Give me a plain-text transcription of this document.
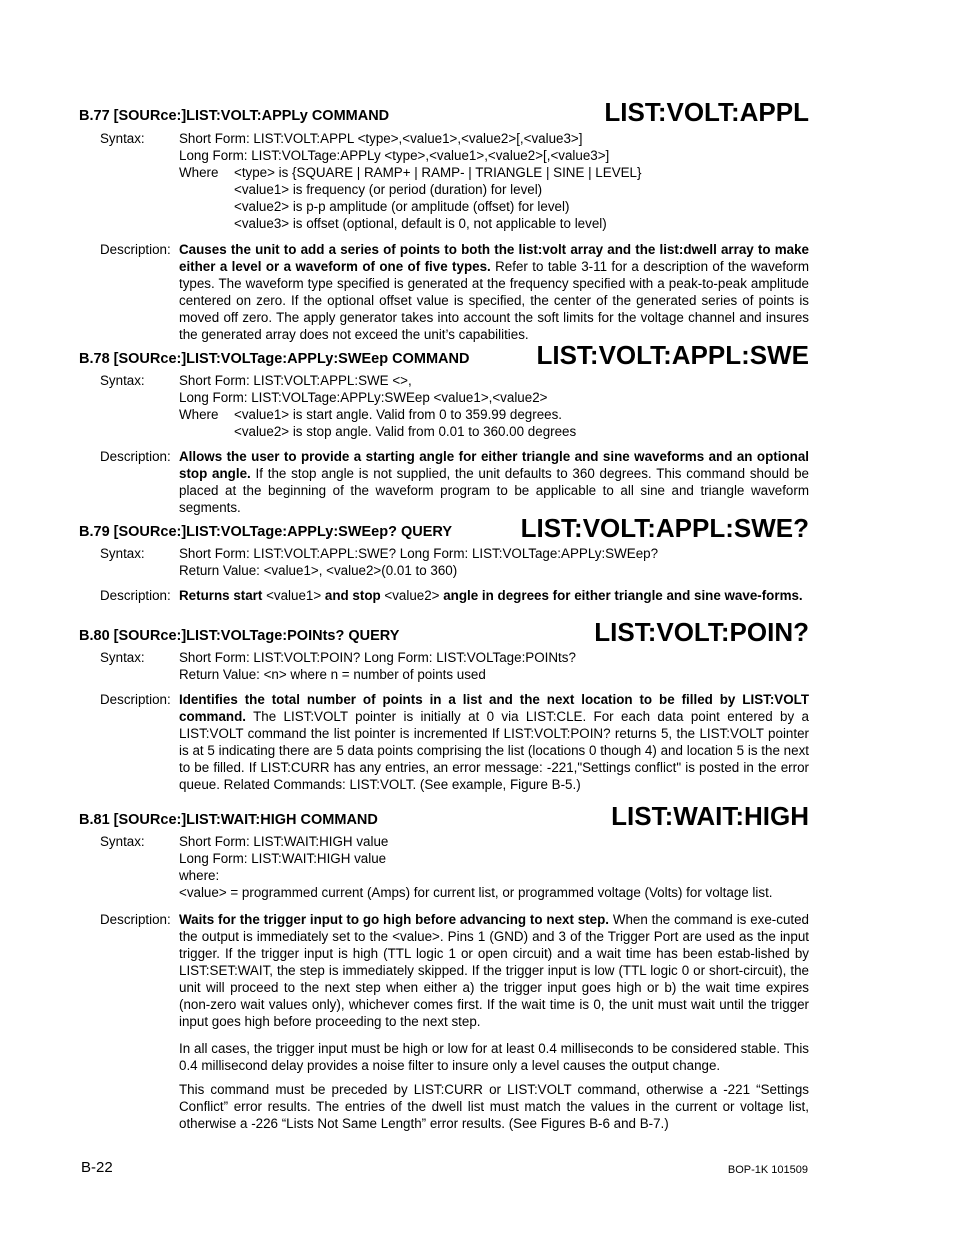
B.77 [SOURce:]LIST:VOLT:APPLy COMMAND	LIST:VOLT:APPL
Syntax:	Short Form: LIST:VOLT:APPL <type>,<value1>,<value2>[,<value3>]
Long Form: LIST:VOLTage:APPLy <type>,<value1>,<value2>[,<value3>]
Where <type> is {SQUARE | RAMP+ | RAMP- | TRIANGLE | SINE | LEVEL}
<value1> is frequency (or period (duration) for level)
<value2> is p-p amplitude (or amplitude (offset) for level)
<value3> is offset (optional, default is 0, not applicable to level)
Description: Causes the unit to add a series of points to both the list:volt array and the list:dwell array to make either a level or a waveform of one of five types. Refer to table 3-11 for a description of the waveform types. The waveform type specified is generated at the frequency specified with a peak-to-peak amplitude centered on zero. If the optional offset value is specified, the center of the generated series of points is moved off zero. The apply generator takes into account the soft limits for the voltage channel and insures the generated array does not exceed the unit’s capabilities.
B.78 [SOURce:]LIST:VOLTage:APPLy:SWEep COMMAND	LIST:VOLT:APPL:SWE
Syntax:	Short Form: LIST:VOLT:APPL:SWE <>,
Long Form: LIST:VOLTage:APPLy:SWEep <value1>,<value2>
Where <value1> is start angle. Valid from 0 to 359.99 degrees.
<value2> is stop angle. Valid from 0.01 to 360.00 degrees
Description: Allows the user to provide a starting angle for either triangle and sine waveforms and an optional stop angle. If the stop angle is not supplied, the unit defaults to 360 degrees. This command should be placed at the beginning of the waveform program to be applicable to all sine and triangle waveform segments.
B.79 [SOURce:]LIST:VOLTage:APPLy:SWEep? QUERY	LIST:VOLT:APPL:SWE?
Syntax:	Short Form: LIST:VOLT:APPL:SWE? Long Form: LIST:VOLTage:APPLy:SWEep?
Return Value: <value1>, <value2>(0.01 to 360)
Description: Returns start <value1> and stop <value2> angle in degrees for either triangle and sine wave-forms.
B.80 [SOURce:]LIST:VOLTage:POINts? QUERY	LIST:VOLT:POIN?
Syntax:	Short Form: LIST:VOLT:POIN? Long Form: LIST:VOLTage:POINts?
Return Value: <n> where n = number of points used
Description: Identifies the total number of points in a list and the next location to be filled by LIST:VOLT command. The LIST:VOLT pointer is initially at 0 via LIST:CLE. For each data point entered by a LIST:VOLT command the list pointer is incremented If LIST:VOLT:POIN? returns 5, the LIST:VOLT pointer is at 5 indicating there are 5 data points comprising the list (locations 0 though 4) and location 5 is the next to be filled. If LIST:CURR has any entries, an error message: -221,"Settings conflict" is posted in the error queue. Related Commands: LIST:VOLT. (See example, Figure B-5.)
B.81 [SOURce:]LIST:WAIT:HIGH COMMAND	LIST:WAIT:HIGH
Syntax:	Short Form: LIST:WAIT:HIGH value
Long Form: LIST:WAIT:HIGH value
where:
<value> = programmed current (Amps) for current list, or programmed voltage (Volts) for voltage list.
Description: Waits for the trigger input to go high before advancing to next step. When the command is exe-cuted the output is immediately set to the <value>. Pins 1 (GND) and 3 of the Trigger Port are used as the input trigger. If the trigger input is high (TTL logic 1 or open circuit) and a wait time has been estab-lished by LIST:SET:WAIT, the step is immediately skipped. If the trigger input is low (TTL logic 0 or short-circuit), the unit will proceed to the next step when either a) the trigger input goes high or b) the wait time expires (non-zero wait values only), whichever comes first. If the wait time is 0, the unit must wait until the trigger input goes high before proceeding to the next step.
In all cases, the trigger input must be high or low for at least 0.4 milliseconds to be considered stable. This 0.4 millisecond delay provides a noise filter to insure only a level causes the output change.
This command must be preceded by LIST:CURR or LIST:VOLT command, otherwise a -221 “Settings Conflict” error results. The entries of the dwell list must match the values in the current or voltage list, otherwise a -226 “Lists Not Same Length” error results. (See Figures B-6 and B-7.)
B-22	BOP-1K 101509
